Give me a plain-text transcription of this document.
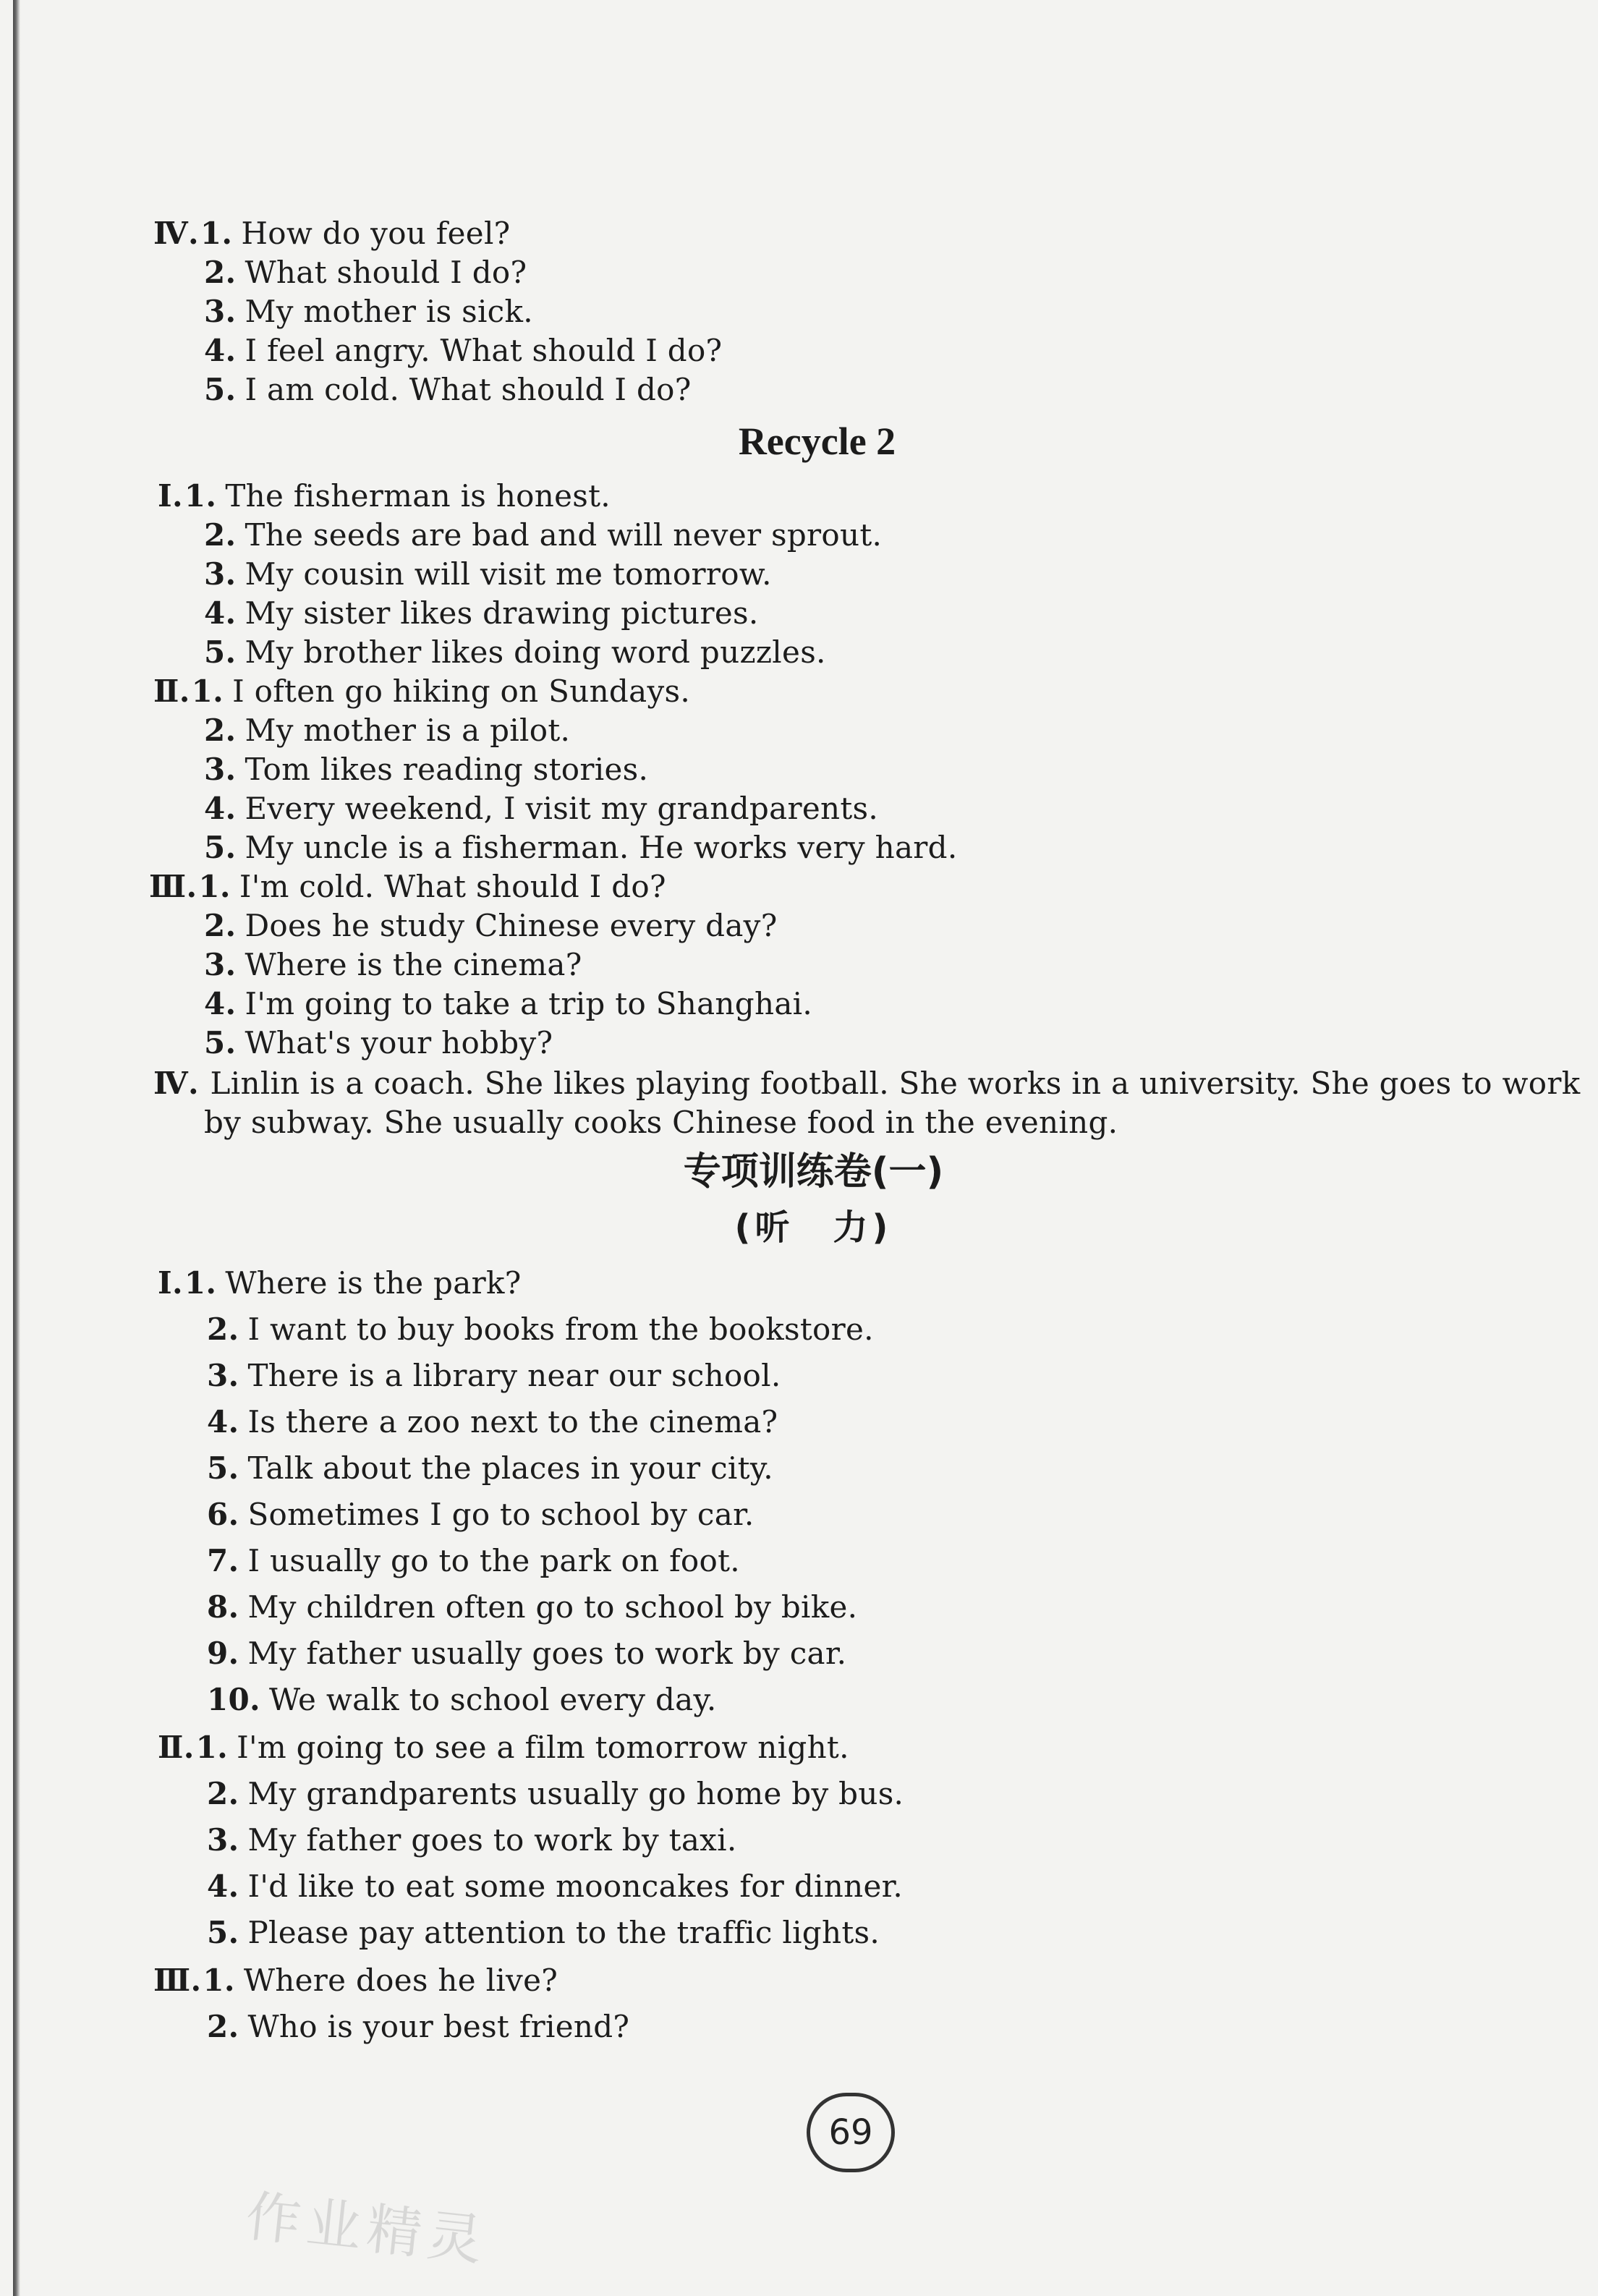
Ⅳ.1. How do you feel?
2. What should I do?
3. My mother is sick.
4. I feel angry. What should I do?
5. I am cold. What should I do?
Recycle 2
Ⅰ.1. The fisherman is honest.
2. The seeds are bad and will never sprout.
3. My cousin will visit me tomorrow.
4. My sister likes drawing pictures.
5. My brother likes doing word puzzles.
Ⅱ.1. I often go hiking on Sundays.
2. My mother is a pilot.
3. Tom likes reading stories.
4. Every weekend, I visit my grandparents.
5. My uncle is a fisherman. He works very hard.
Ⅲ.1. I'm cold. What should I do?
2. Does he study Chinese every day?
3. Where is the cinema?
4. I'm going to take a trip to Shanghai.
5. What's your hobby?
Ⅳ. Linlin is a coach. She likes playing football. She works in a university. She goes to work
by subway. She usually cooks Chinese food in the evening.
专项训练卷(一)
(听　力)
Ⅰ.1. Where is the park?
2. I want to buy books from the bookstore.
3. There is a library near our school.
4. Is there a zoo next to the cinema?
5. Talk about the places in your city.
6. Sometimes I go to school by car.
7. I usually go to the park on foot.
8. My children often go to school by bike.
9. My father usually goes to work by car.
10. We walk to school every day.
Ⅱ.1. I'm going to see a film tomorrow night.
2. My grandparents usually go home by bus.
3. My father goes to work by taxi.
4. I'd like to eat some mooncakes for dinner.
5. Please pay attention to the traffic lights.
Ⅲ.1. Where does he live?
2. Who is your best friend?
69
作业精灵
